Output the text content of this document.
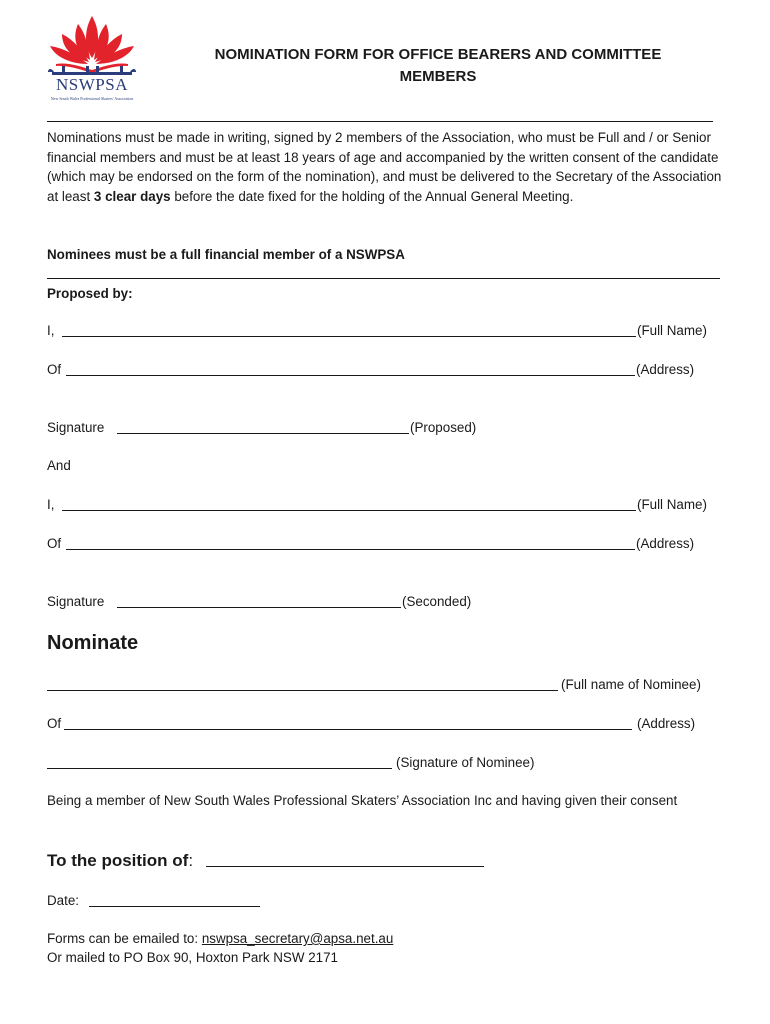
NSWPSA
New South Wales Professional Skaters' Association
NOMINATION FORM FOR OFFICE BEARERS AND COMMITTEE
MEMBERS
Nominations must be made in writing, signed by 2 members of the Association, who must be Full and / or Senior financial members and must be at least 18 years of age and accompanied by the written consent of the candidate (which may be endorsed on the form of the nomination), and must be delivered to the Secretary of the Association at least 3 clear days before the date fixed for the holding of the Annual General Meeting.
Nominees must be a full financial member of a NSWPSA
Proposed by:
I,	(Full Name)
Of	(Address)
Signature	(Proposed)
And
I,	(Full Name)
Of	(Address)
Signature	(Seconded)
Nominate
(Full name of Nominee)
Of	(Address)
(Signature of Nominee)
Being a member of New South Wales Professional Skaters’ Association Inc and having given their consent
To the position of:
Date:
Forms can be emailed to: nswpsa_secretary@apsa.net.au
Or mailed to PO Box 90, Hoxton Park NSW 2171
